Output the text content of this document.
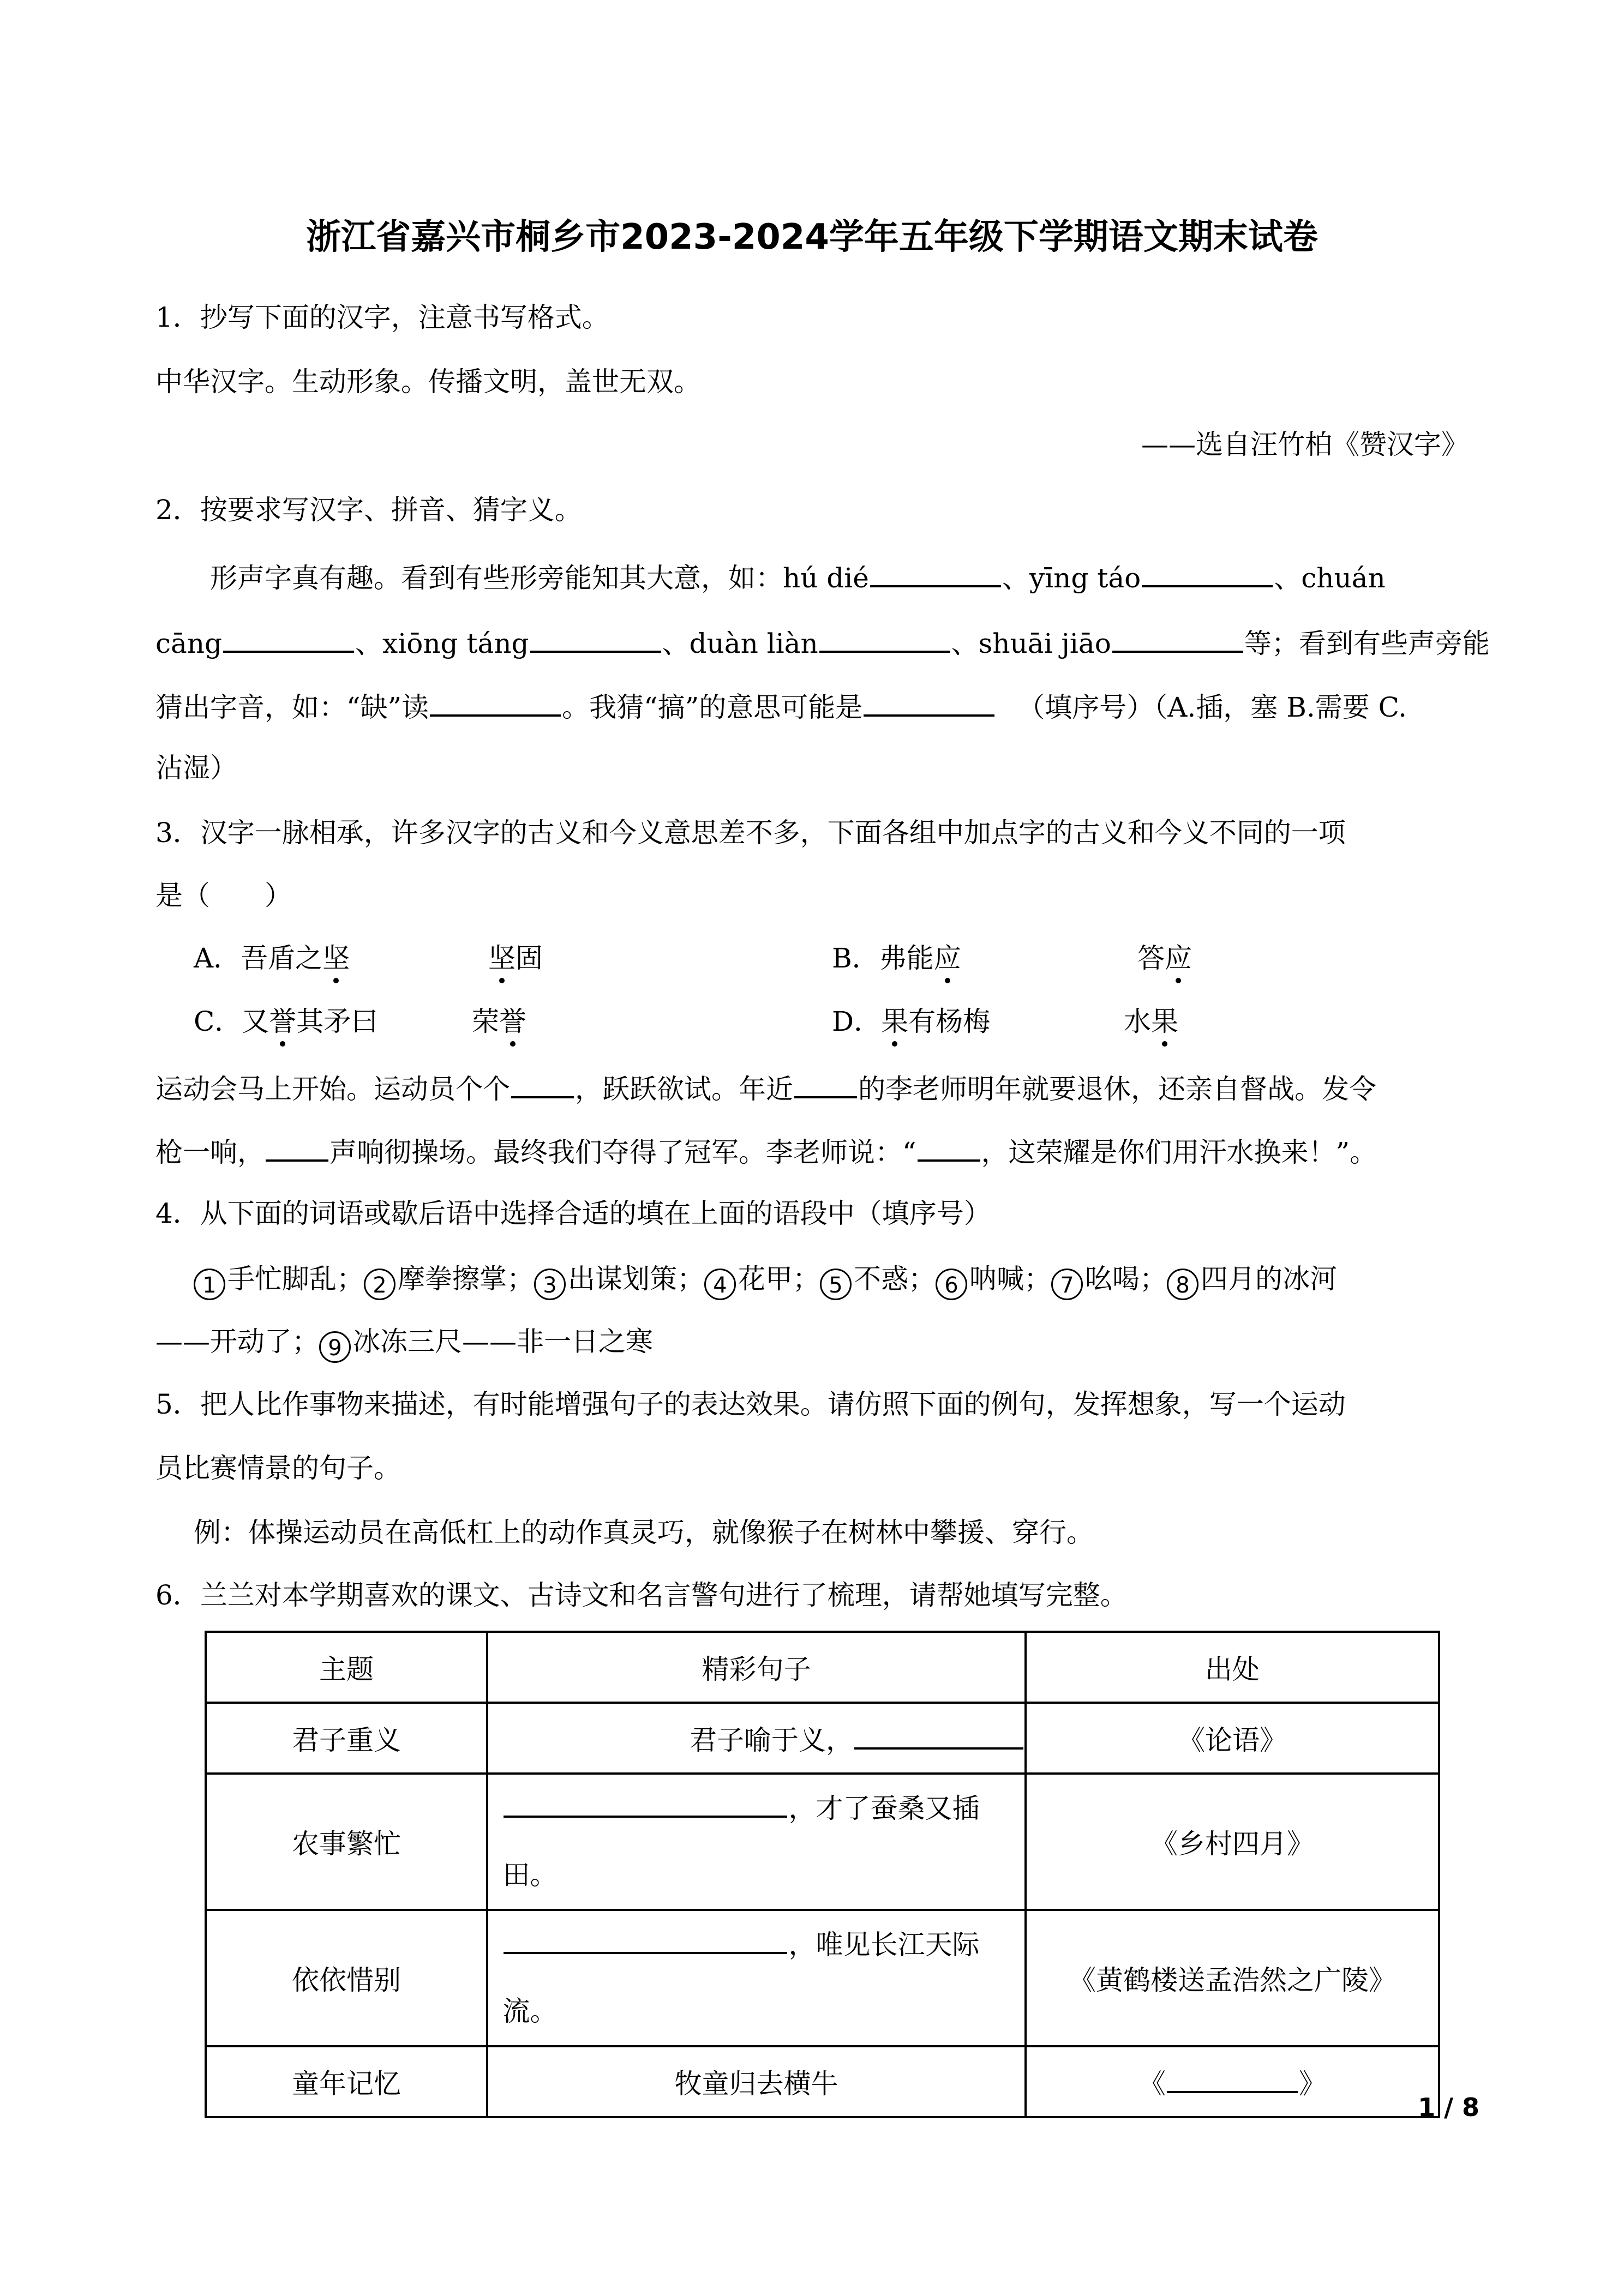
浙江省嘉兴市桐乡市2023-2024学年五年级下学期语文期末试卷
1．抄写下面的汉字，注意书写格式。
中华汉字。生动形象。传播文明，盖世无双。
——选自汪竹柏《赞汉字》
2．按要求写汉字、拼音、猜字义。
形声字真有趣。看到有些形旁能知其大意，如：hú dié	、yīng táo	、chuán
cāng	、xiōng táng	、duàn liàn	、shuāi jiāo	等；看到有些声旁能
猜出字音，如：“缺”读	。我猜“搞”的意思可能是	（填序号）（A.插，塞 B.需要 C.
沾湿）
3．汉字一脉相承，许多汉字的古义和今义意思差不多，下面各组中加点字的古义和今义不同的一项
是（　　）
A．吾盾之坚	坚固	B．弗能应	答应
C．又誉其矛曰	荣誉	D．果有杨梅	水果
运动会马上开始。运动员个个 ，跃跃欲试。年近 的李老师明年就要退休，还亲自督战。发令
枪一响， 声响彻操场。最终我们夺得了冠军。李老师说：“ ，这荣耀是你们用汗水换来！”。
4．从下面的词语或歇后语中选择合适的填在上面的语段中（填序号）
1 手忙脚乱； 2 摩拳擦掌； 3 出谋划策； 4 花甲； 5 不惑； 6 呐喊； 7 吆喝； 8 四月的冰河
——开动了； 9 冰冻三尺——非一日之寒
5．把人比作事物来描述，有时能增强句子的表达效果。请仿照下面的例句，发挥想象，写一个运动
员比赛情景的句子。
例：体操运动员在高低杠上的动作真灵巧，就像猴子在树林中攀援、穿行。
6．兰兰对本学期喜欢的课文、古诗文和名言警句进行了梳理，请帮她填写完整。
主题	精彩句子	出处
君子重义	君子喻于义，	《论语》
农事繁忙	，才了蚕桑又插田。	《乡村四月》
依依惜别	，唯见长江天际流。	《黄鹤楼送孟浩然之广陵》
童年记忆	牧童归去横牛	《 》
1 / 8
